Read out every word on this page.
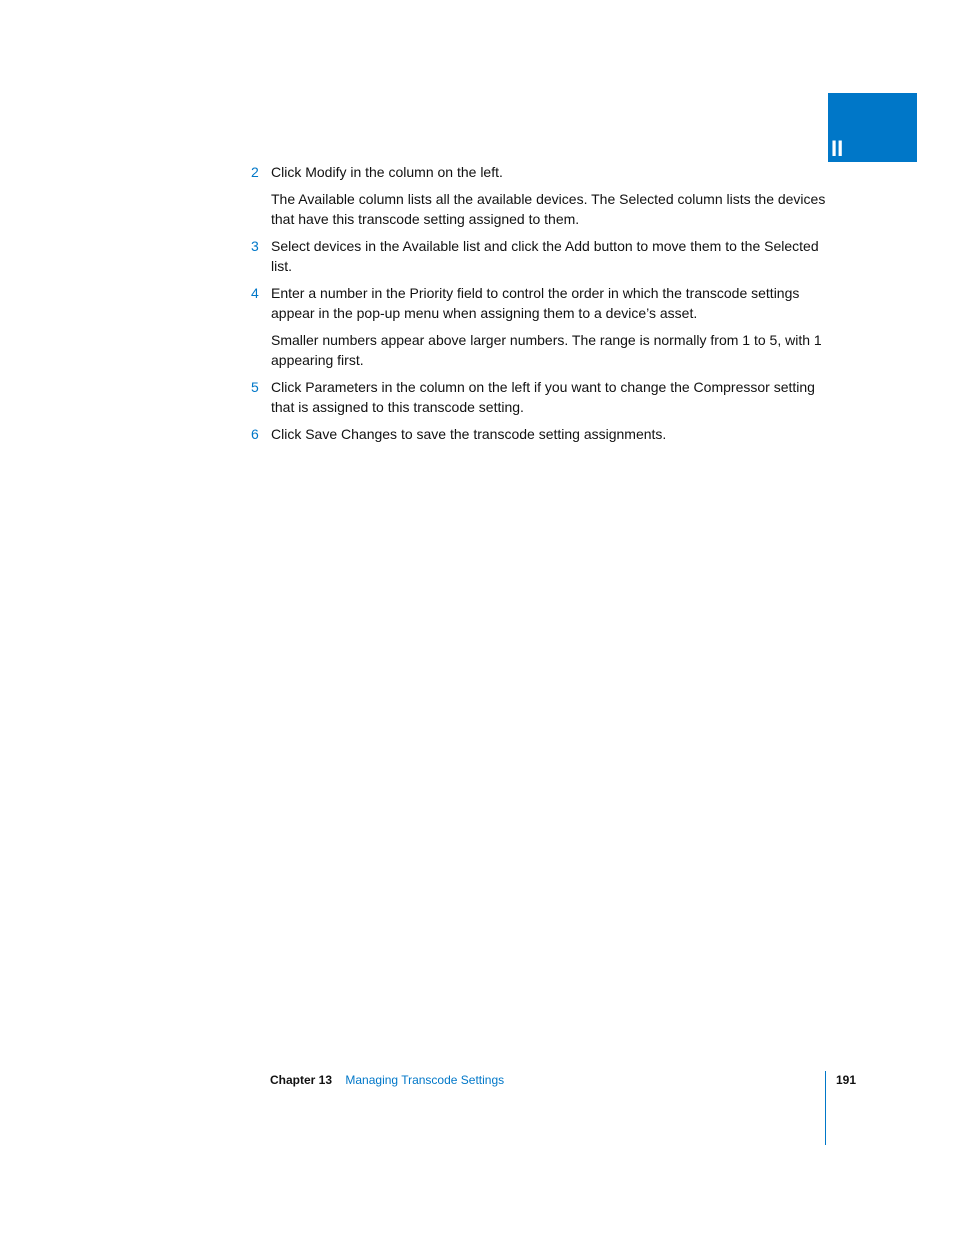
II
2 Click Modify in the column on the left.
The Available column lists all the available devices. The Selected column lists the devices that have this transcode setting assigned to them.
3 Select devices in the Available list and click the Add button to move them to the Selected list.
4 Enter a number in the Priority field to control the order in which the transcode settings appear in the pop-up menu when assigning them to a device’s asset.
Smaller numbers appear above larger numbers. The range is normally from 1 to 5, with 1 appearing first.
5 Click Parameters in the column on the left if you want to change the Compressor setting that is assigned to this transcode setting.
6 Click Save Changes to save the transcode setting assignments.
Chapter 13 Managing Transcode Settings	191
